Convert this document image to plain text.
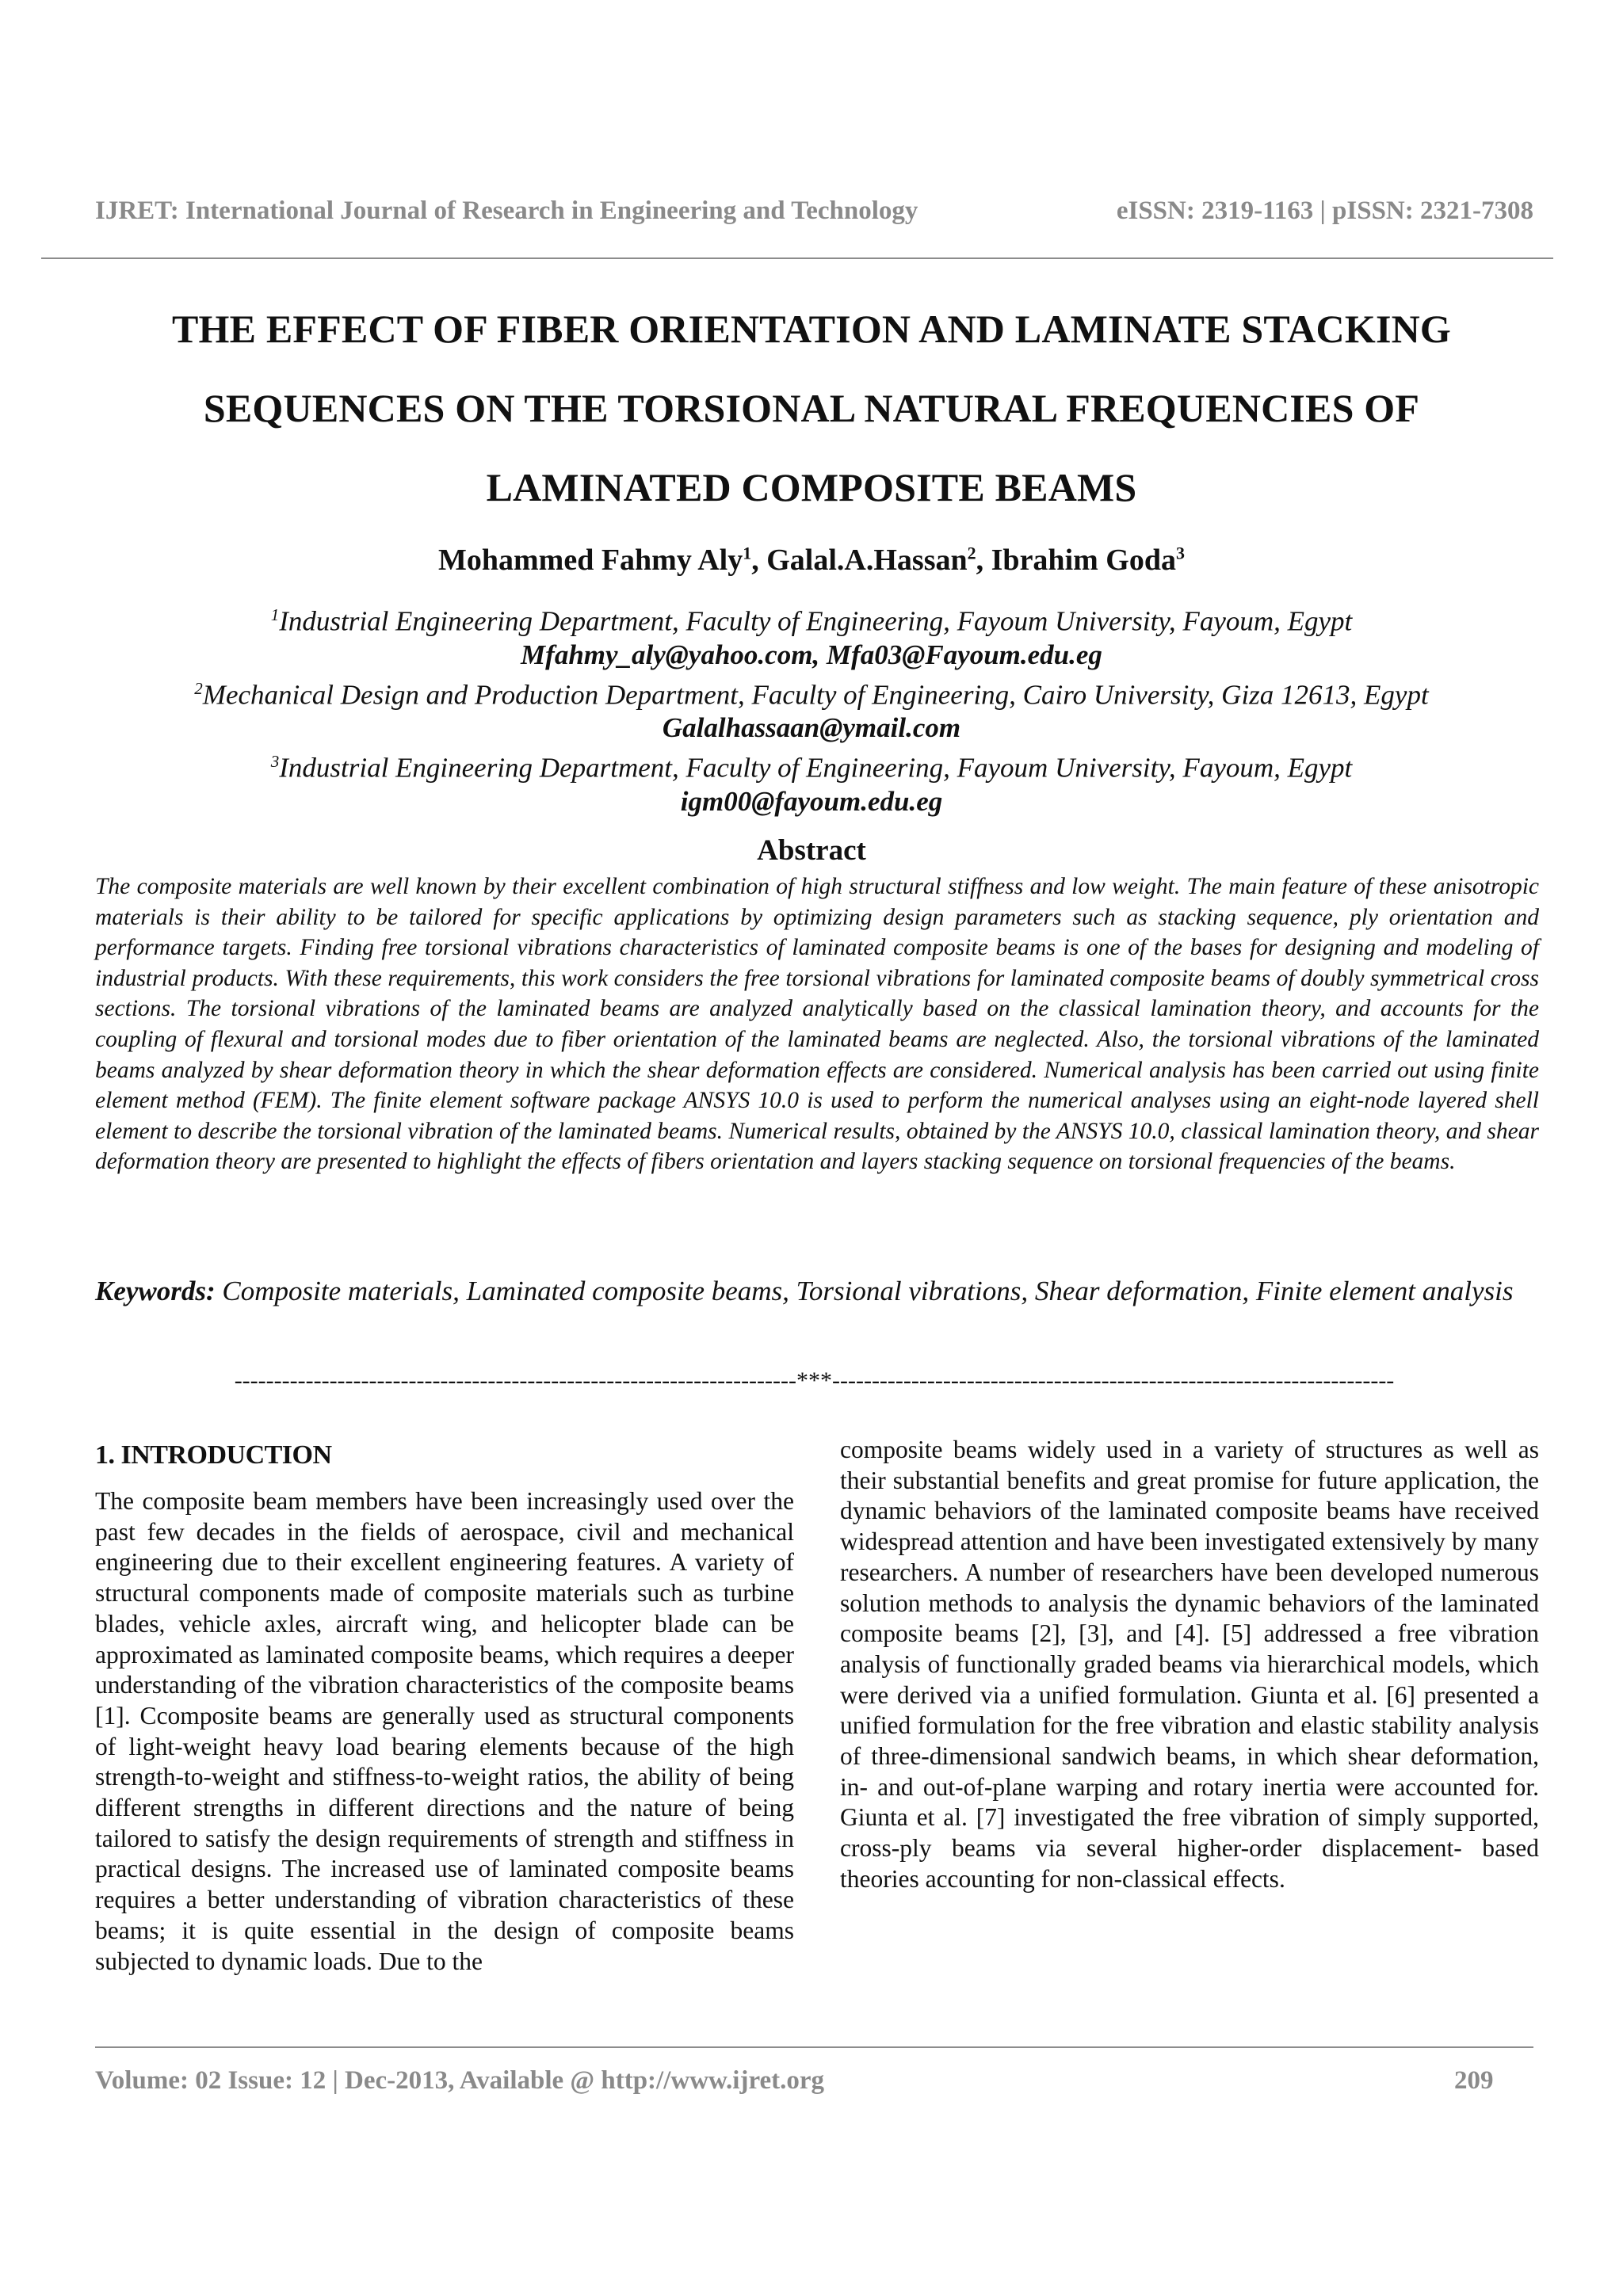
IJRET: International Journal of Research in Engineering and Technology	eISSN: 2319-1163 | pISSN: 2321-7308
THE EFFECT OF FIBER ORIENTATION AND LAMINATE STACKING
SEQUENCES ON THE TORSIONAL NATURAL FREQUENCIES OF
LAMINATED COMPOSITE BEAMS
Mohammed Fahmy Aly$^1$, Galal.A.Hassan$^2$, Ibrahim Goda$^3$
$^1$Industrial Engineering Department, Faculty of Engineering, Fayoum University, Fayoum, Egypt
Mfahmy_aly@yahoo.com, Mfa03@Fayoum.edu.eg
$^2$Mechanical Design and Production Department, Faculty of Engineering, Cairo University, Giza 12613, Egypt
Galalhassaan@ymail.com
$^3$Industrial Engineering Department, Faculty of Engineering, Fayoum University, Fayoum, Egypt
igm00@fayoum.edu.eg
Abstract

The composite materials are well known by their excellent combination of high structural stiffness and low weight. The main feature of these anisotropic materials is their ability to be tailored for specific applications by optimizing design parameters such as stacking sequence, ply orientation and performance targets. Finding free torsional vibrations characteristics of laminated composite beams is one of the bases for designing and modeling of industrial products. With these requirements, this work considers the free torsional vibrations for laminated composite beams of doubly symmetrical cross sections. The torsional vibrations of the laminated beams are analyzed analytically based on the classical lamination theory, and accounts for the coupling of flexural and torsional modes due to fiber orientation of the laminated beams are neglected. Also, the torsional vibrations of the laminated beams analyzed by shear deformation theory in which the shear deformation effects are considered. Numerical analysis has been carried out using finite element method (FEM). The finite element software package ANSYS 10.0 is used to perform the numerical analyses using an eight-node layered shell element to describe the torsional vibration of the laminated beams. Numerical results, obtained by the ANSYS 10.0, classical lamination theory, and shear deformation theory are presented to highlight the effects of fibers orientation and layers stacking sequence on torsional frequencies of the beams.

Keywords: Composite materials, Laminated composite beams, Torsional vibrations, Shear deformation, Finite element analysis
-----------------------------------------------------------------------***-----------------------------------------------------------------------
1. INTRODUCTION

The composite beam members have been increasingly used over the past few decades in the fields of aerospace, civil and mechanical engineering due to their excellent engineering features. A variety of structural components made of composite materials such as turbine blades, vehicle axles, aircraft wing, and helicopter blade can be approximated as laminated composite beams, which requires a deeper understanding of the vibration characteristics of the composite beams [1]. Ccomposite beams are generally used as structural components of light-weight heavy load bearing elements because of the high strength-to-weight and stiffness-to-weight ratios, the ability of being different strengths in different directions and the nature of being tailored to satisfy the design requirements of strength and stiffness in practical designs. The increased use of laminated composite beams requires a better understanding of vibration characteristics of these beams; it is quite essential in the design of composite beams subjected to dynamic loads. Due to the

composite beams widely used in a variety of structures as well as their substantial benefits and great promise for future application, the dynamic behaviors of the laminated composite beams have received widespread attention and have been investigated extensively by many researchers. A number of researchers have been developed numerous solution methods to analysis the dynamic behaviors of the laminated composite beams [2], [3], and [4]. [5] addressed a free vibration analysis of functionally graded beams via hierarchical models, which were derived via a unified formulation. Giunta et al. [6] presented a unified formulation for the free vibration and elastic stability analysis of three-dimensional sandwich beams, in which shear deformation, in- and out-of-plane warping and rotary inertia were accounted for. Giunta et al. [7] investigated the free vibration of simply supported, cross-ply beams via several higher-order displacement- based theories accounting for non-classical effects.

Volume: 02 Issue: 12 | Dec-2013, Available @ http://www.ijret.org	209
